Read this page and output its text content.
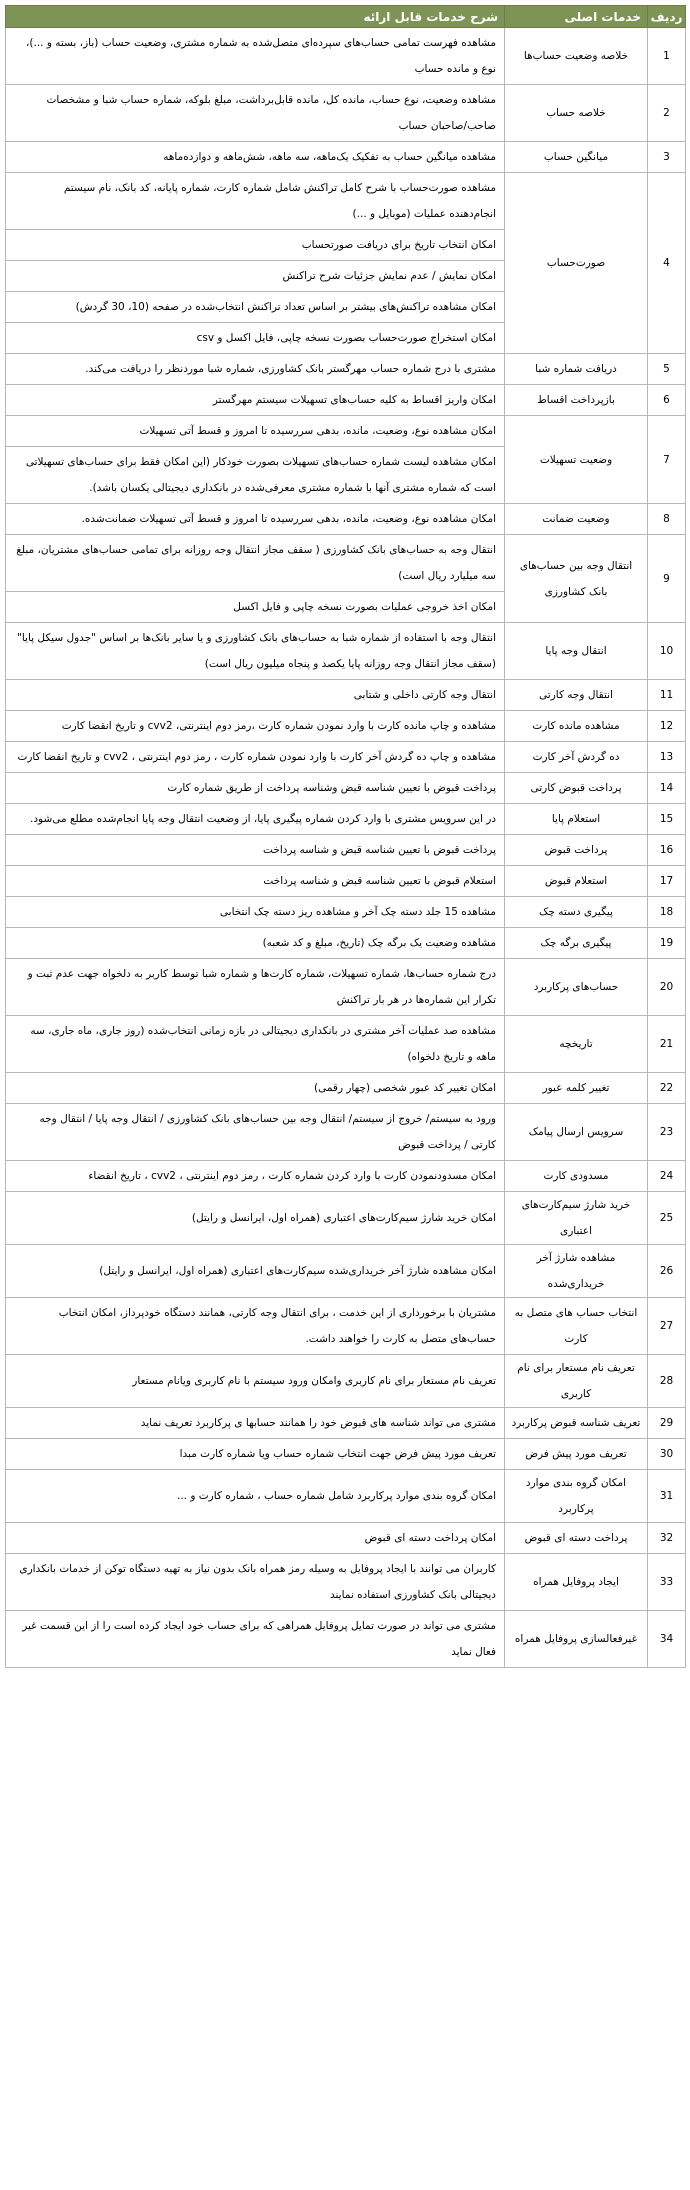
ردیف	خدمات اصلی	شرح خدمات قابل ارائه
1	خلاصه وضعیت حساب‌ها	مشاهده فهرست تمامی حساب‌های سپرده‌ای متصل‌شده به شماره مشتری، وضعیت حساب (باز، بسته و ...)، نوع و مانده حساب
2	خلاصه حساب	مشاهده وضعیت، نوع حساب، مانده کل، مانده قابل‌برداشت، مبلغ بلوکه، شماره حساب شبا و مشخصات صاحب/صاحبان حساب
3	میانگین حساب	مشاهده میانگین حساب به تفکیک یک‌ماهه، سه ماهه، شش‌ماهه و دوازده‌ماهه
4	صورت‌حساب	مشاهده صورت‌حساب با شرح کامل تراکنش شامل شماره کارت، شماره پایانه، کد بانک، نام سیستم انجام‌دهنده عملیات (موبایل و ...)
		امکان انتخاب تاریخ برای دریافت صورتحساب
		امکان نمایش / عدم نمایش جزئیات شرح تراکنش
		امکان مشاهده تراکنش‌های بیشتر بر اساس تعداد تراکنش انتخاب‌شده در صفحه (10، 30 گردش)
		امکان استخراج صورت‌حساب بصورت نسخه چاپی، فایل اکسل و csv
5	دریافت شماره شبا	مشتری با درج شماره حساب مهرگستر بانک کشاورزی، شماره شبا موردنظر را دریافت می‌کند.
6	بازپرداخت اقساط	امکان واریز اقساط به کلیه حساب‌های تسهیلات سیستم مهرگستر
7	وضعیت تسهیلات	امکان مشاهده نوع، وضعیت، مانده، بدهی سررسیده تا امروز و قسط آتی تسهیلات
		امکان مشاهده لیست شماره حساب‌های تسهیلات بصورت خودکار (این امکان فقط برای حساب‌های تسهیلاتی است که شماره مشتری آنها با شماره مشتری معرفی‌شده در بانکداری دیجیتالی یکسان باشد).
8	وضعیت ضمانت	امکان مشاهده نوع، وضعیت، مانده، بدهی سررسیده تا امروز و قسط آتی تسهیلات ضمانت‌شده.
9	انتقال وجه بین حساب‌های بانک کشاورزی	انتقال وجه به حساب‌های بانک کشاورزی ( سقف مجاز انتقال وجه روزانه برای تمامی حساب‌های مشتریان، مبلغ سه میلیارد ریال است)
		امکان اخذ خروجی عملیات بصورت نسخه چاپی و فایل اکسل
10	انتقال وجه پایا	انتقال وجه با استفاده از شماره شبا به حساب‌های بانک کشاورزی و یا سایر بانک‌ها بر اساس "جدول سیکل پایا" (سقف مجاز انتقال وجه روزانه پایا یکصد و پنجاه میلیون ریال است)
11	انتقال وجه کارتی	انتقال وجه کارتی داخلی و شتابی
12	مشاهده مانده کارت	مشاهده و چاپ مانده کارت با وارد نمودن شماره کارت ،رمز دوم اینترنتی، cvv2 و تاریخ انقضا کارت
13	ده گردش آخر کارت	مشاهده و چاپ ده گردش آخر کارت با وارد نمودن شماره کارت ، رمز دوم اینترنتی ، cvv2 و تاریخ انقضا کارت
14	پرداخت قبوض کارتی	پرداخت قبوض با تعیین شناسه قبض وشناسه پرداخت از طریق شماره کارت
15	استعلام پایا	در این سرویس مشتری با وارد کردن شماره پیگیری پایا، از وضعیت انتقال وجه پایا انجام‌شده مطلع می‌شود.
16	پرداخت قبوض	پرداخت قبوض با تعیین شناسه قبض و شناسه پرداخت
17	استعلام قبوض	استعلام قبوض با تعیین شناسه قبض و شناسه پرداخت
18	پیگیری دسته چک	مشاهده 15 جلد دسته چک آخر و مشاهده ریز دسته چک انتخابی
19	پیگیری برگه چک	مشاهده وضعیت یک برگه چک (تاریخ، مبلغ و کد شعبه)
20	حساب‌های پرکاربرد	درج شماره حساب‌ها، شماره تسهیلات، شماره کارت‌ها و شماره شبا توسط کاربر به دلخواه جهت عدم ثبت و تکرار این شماره‌ها در هر بار تراکنش
21	تاریخچه	مشاهده صد عملیات آخر مشتری در بانکداری دیجیتالی در بازه زمانی انتخاب‌شده (روز جاری، ماه جاری، سه ماهه و تاریخ دلخواه)
22	تغییر کلمه عبور	امکان تغییر کد عبور شخصی (چهار رقمی)
23	سرویس ارسال پیامک	ورود به سیستم/ خروج از سیستم/ انتقال وجه بین حساب‌های بانک کشاورزی / انتقال وجه پایا / انتقال وجه کارتی / پرداخت قبوض
24	مسدودی کارت	امکان مسدودنمودن کارت با وارد کردن شماره کارت ، رمز دوم اینترنتی ، cvv2 ، تاریخ انقضاء
25	خرید شارژ سیم‌کارت‌های اعتباری	امکان خرید شارژ سیم‌کارت‌های اعتباری (همراه اول، ایرانسل و رایتل)
26	مشاهده شارژ آخر خریداری‌شده	امکان مشاهده شارژ آخر خریداری‌شده سیم‌کارت‌های اعتباری (همراه اول، ایرانسل و رایتل)
27	انتخاب حساب های متصل به کارت	مشتریان با برخورداری از این خدمت ، برای انتقال وجه کارتی، همانند دستگاه خودپرداز، امکان انتخاب حساب‌های متصل به کارت را خواهند داشت.
28	تعریف نام مستعار برای نام کاربری	تعریف نام مستعار برای نام کاربری وامکان ورود سیستم با نام کاربری ویانام مستعار
29	تعریف شناسه قبوض پرکاربرد	مشتری می تواند شناسه های قبوض خود را همانند حسابها ی پرکاربرد تعریف نماید
30	تعریف مورد پیش فرض	تعریف مورد پیش فرض جهت انتخاب شماره حساب ویا شماره کارت مبدا
31	امکان گروه بندی موارد پرکاربرد	امکان گروه بندی موارد پرکاربرد شامل شماره حساب ، شماره کارت و ...
32	پرداخت دسته ای قبوض	امکان پرداخت دسته ای قبوض
33	ایجاد پروفایل همراه	کاربران می توانند با ایجاد پروفایل به وسیله رمز همراه بانک بدون نیاز به تهیه دستگاه توکن از خدمات بانکداری دیجیتالی بانک کشاورزی استفاده نمایند
34	غیرفعالسازی پروفایل همراه	مشتری می تواند در صورت تمایل پروفایل همراهی که برای حساب خود ایجاد کرده است را از این قسمت غیر فعال نماید
